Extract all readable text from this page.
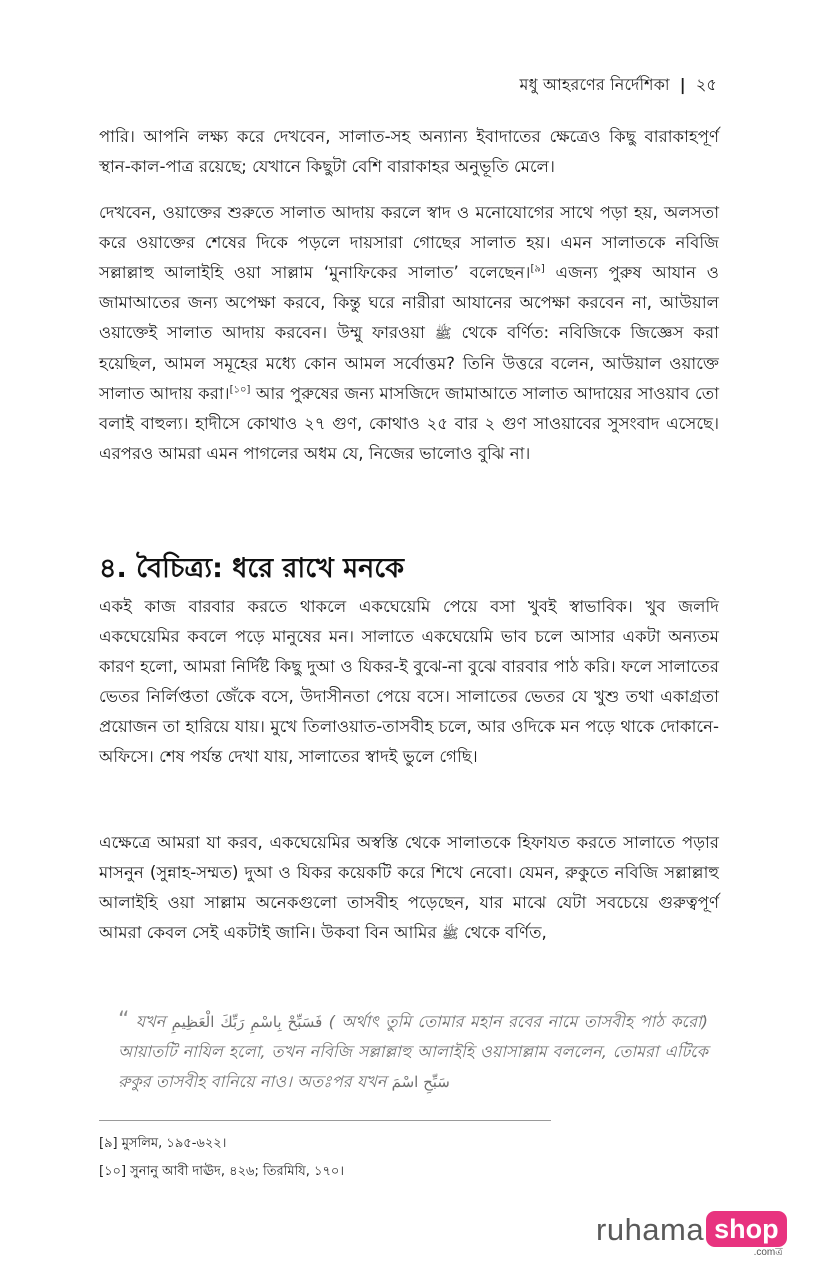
মধু আহরণের নির্দেশিকা | ২৫

পারি। আপনি লক্ষ্য করে দেখবেন, সালাত-সহ অন্যান্য ইবাদাতের ক্ষেত্রেও কিছু বারাকাহপূর্ণ স্থান-কাল-পাত্র রয়েছে; যেখানে কিছুটা বেশি বারাকাহর অনুভূতি মেলে।

দেখবেন, ওয়াক্তের শুরুতে সালাত আদায় করলে স্বাদ ও মনোযোগের সাথে পড়া হয়, অলসতা করে ওয়াক্তের শেষের দিকে পড়লে দায়সারা গোছের সালাত হয়। এমন সালাতকে নবিজি সল্লাল্লাহু আলাইহি ওয়া সাল্লাম ‘মুনাফিকের সালাত’ বলেছেন।[৯] এজন্য পুরুষ আযান ও জামাআতের জন্য অপেক্ষা করবে, কিন্তু ঘরে নারীরা আযানের অপেক্ষা করবেন না, আউয়াল ওয়াক্তেই সালাত আদায় করবেন। উম্মু ফারওয়া ﷺ থেকে বর্ণিত: নবিজিকে জিজ্ঞেস করা হয়েছিল, আমল সমূহের মধ্যে কোন আমল সর্বোত্তম? তিনি উত্তরে বলেন, আউয়াল ওয়াক্তে সালাত আদায় করা।[১০] আর পুরুষের জন্য মাসজিদে জামাআতে সালাত আদায়ের সাওয়াব তো বলাই বাহুল্য। হাদীসে কোথাও ২৭ গুণ, কোথাও ২৫ বার ২ গুণ সাওয়াবের সুসংবাদ এসেছে। এরপরও আমরা এমন পাগলের অধম যে, নিজের ভালোও বুঝি না।

৪. বৈচিত্র্য: ধরে রাখে মনকে

একই কাজ বারবার করতে থাকলে একঘেয়েমি পেয়ে বসা খুবই স্বাভাবিক। খুব জলদি একঘেয়েমির কবলে পড়ে মানুষের মন। সালাতে একঘেয়েমি ভাব চলে আসার একটা অন্যতম কারণ হলো, আমরা নির্দিষ্ট কিছু দুআ ও যিকর-ই বুঝে-না বুঝে বারবার পাঠ করি। ফলে সালাতের ভেতর নির্লিপ্ততা জেঁকে বসে, উদাসীনতা পেয়ে বসে। সালাতের ভেতর যে খুশু তথা একাগ্রতা প্রয়োজন তা হারিয়ে যায়। মুখে তিলাওয়াত-তাসবীহ চলে, আর ওদিকে মন পড়ে থাকে দোকানে-অফিসে। শেষ পর্যন্ত দেখা যায়, সালাতের স্বাদই ভুলে গেছি।

এক্ষেত্রে আমরা যা করব, একঘেয়েমির অস্বস্তি থেকে সালাতকে হিফাযত করতে সালাতে পড়ার মাসনুন (সুন্নাহ-সম্মত) দুআ ও যিকর কয়েকটি করে শিখে নেবো। যেমন, রুকুতে নবিজি সল্লাল্লাহু আলাইহি ওয়া সাল্লাম অনেকগুলো তাসবীহ পড়েছেন, যার মাঝে যেটা সবচেয়ে গুরুত্বপূর্ণ আমরা কেবল সেই একটাই জানি। উকবা বিন আমির ﷺ থেকে বর্ণিত,

“ যখন فَسَبِّحْ بِاسْمِ رَبِّكَ الْعَظِيمِ ( অর্থাৎ তুমি তোমার মহান রবের নামে তাসবীহ পাঠ করো) আয়াতটি নাযিল হলো, তখন নবিজি সল্লাল্লাহু আলাইহি ওয়াসাল্লাম বললেন, তোমরা এটিকে রুকুর তাসবীহ বানিয়ে নাও। অতঃপর যখন سَبِّحِ اسْمَ
[৯] মুসলিম, ১৯৫-৬২২।
[১০] সুনানু আবী দাঊদ, ৪২৬; তিরমিযি, ১৭০।
ruhama shop
.comত্র
